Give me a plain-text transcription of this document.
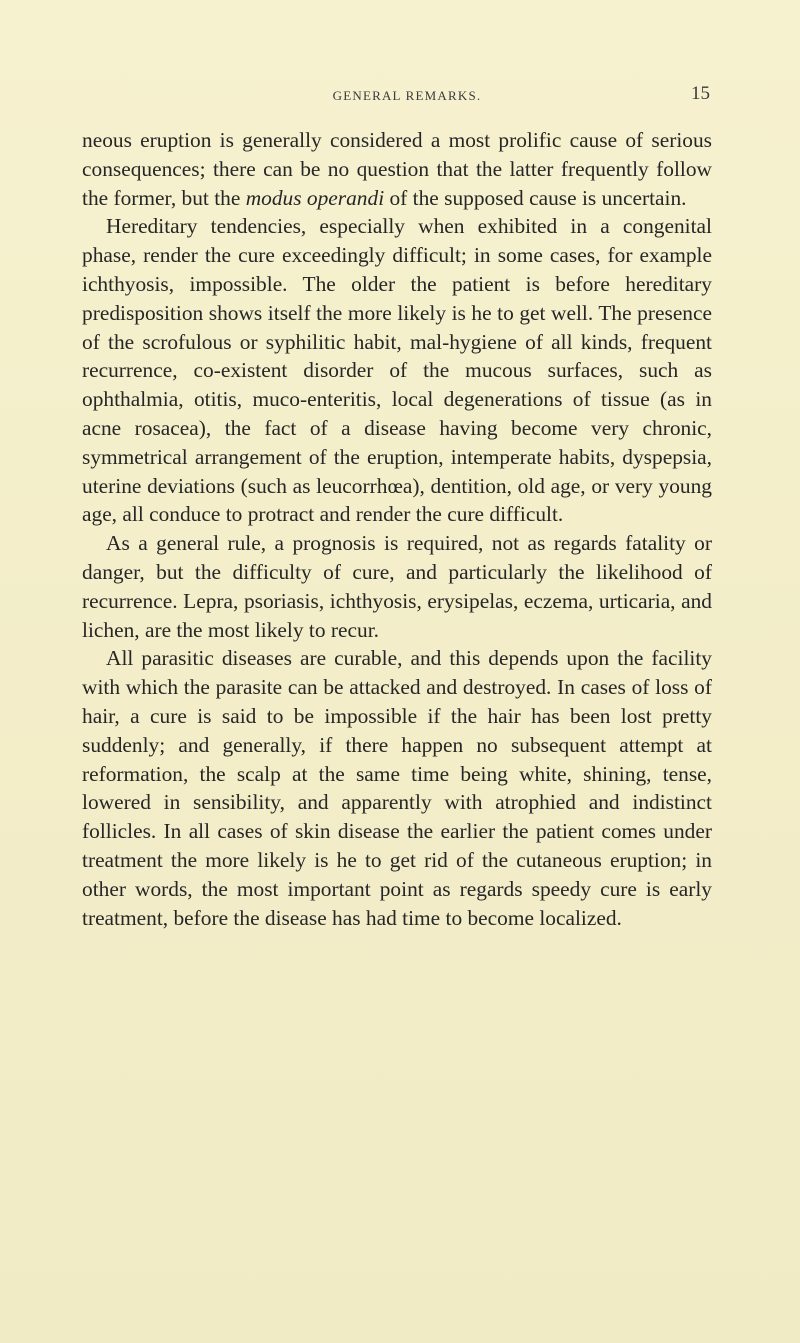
GENERAL REMARKS.	15

neous eruption is generally considered a most prolific cause of serious consequences; there can be no question that the latter frequently follow the former, but the modus operandi of the supposed cause is uncertain.

Hereditary tendencies, especially when exhibited in a congenital phase, render the cure exceedingly difficult; in some cases, for example ichthyosis, impossible. The older the patient is before hereditary predisposition shows itself the more likely is he to get well. The presence of the scrofulous or syphilitic habit, mal-hygiene of all kinds, frequent recurrence, co-existent disorder of the mucous surfaces, such as ophthalmia, otitis, muco-enteritis, local degenerations of tissue (as in acne rosacea), the fact of a disease having become very chronic, symmetrical arrangement of the eruption, intemperate habits, dyspepsia, uterine deviations (such as leucorrhœa), dentition, old age, or very young age, all conduce to protract and render the cure difficult.

As a general rule, a prognosis is required, not as regards fatality or danger, but the difficulty of cure, and particularly the likelihood of recurrence. Lepra, psoriasis, ichthyosis, erysipelas, eczema, urticaria, and lichen, are the most likely to recur.

All parasitic diseases are curable, and this depends upon the facility with which the parasite can be attacked and destroyed. In cases of loss of hair, a cure is said to be impossible if the hair has been lost pretty suddenly; and generally, if there happen no subsequent attempt at reformation, the scalp at the same time being white, shining, tense, lowered in sensibility, and apparently with atrophied and indistinct follicles. In all cases of skin disease the earlier the patient comes under treatment the more likely is he to get rid of the cutaneous eruption; in other words, the most important point as regards speedy cure is early treatment, before the disease has had time to become localized.
